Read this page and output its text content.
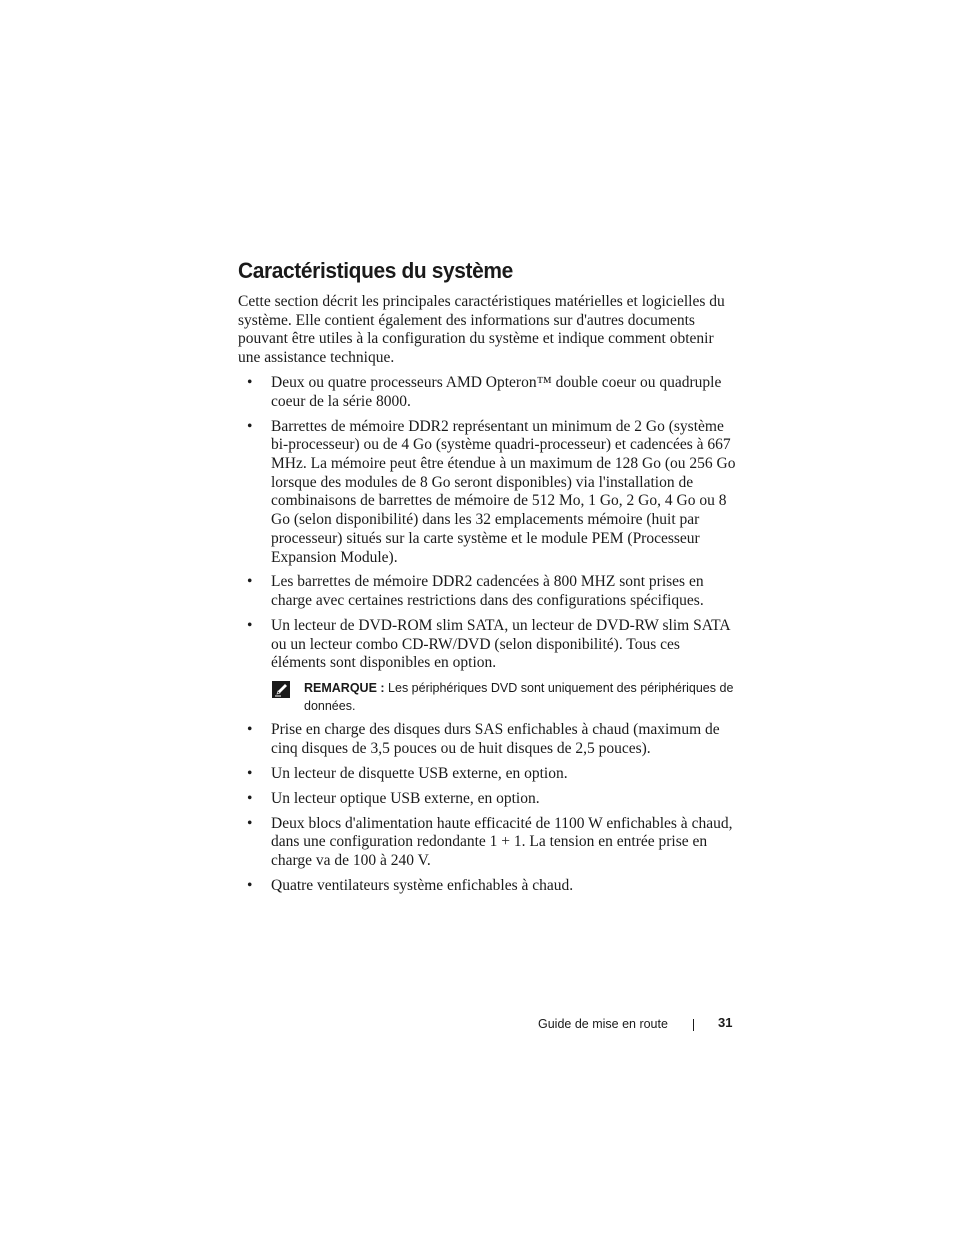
Caractéristiques du système

Cette section décrit les principales caractéristiques matérielles et logicielles du système. Elle contient également des informations sur d'autres documents pouvant être utiles à la configuration du système et indique comment obtenir une assistance technique.

• Deux ou quatre processeurs AMD Opteron™ double coeur ou quadruple coeur de la série 8000.
• Barrettes de mémoire DDR2 représentant un minimum de 2 Go (système bi-processeur) ou de 4 Go (système quadri-processeur) et cadencées à 667 MHz. La mémoire peut être étendue à un maximum de 128 Go (ou 256 Go lorsque des modules de 8 Go seront disponibles) via l'installation de combinaisons de barrettes de mémoire de 512 Mo, 1 Go, 2 Go, 4 Go ou 8 Go (selon disponibilité) dans les 32 emplacements mémoire (huit par processeur) situés sur la carte système et le module PEM (Processeur Expansion Module).
• Les barrettes de mémoire DDR2 cadencées à 800 MHZ sont prises en charge avec certaines restrictions dans des configurations spécifiques.
• Un lecteur de DVD-ROM slim SATA, un lecteur de DVD-RW slim SATA ou un lecteur combo CD-RW/DVD (selon disponibilité). Tous ces éléments sont disponibles en option.
REMARQUE : Les périphériques DVD sont uniquement des périphériques de données.
• Prise en charge des disques durs SAS enfichables à chaud (maximum de cinq disques de 3,5 pouces ou de huit disques de 2,5 pouces).
• Un lecteur de disquette USB externe, en option.
• Un lecteur optique USB externe, en option.
• Deux blocs d'alimentation haute efficacité de 1100 W enfichables à chaud, dans une configuration redondante 1 + 1. La tension en entrée prise en charge va de 100 à 240 V.
• Quatre ventilateurs système enfichables à chaud.
Guide de mise en route	31
